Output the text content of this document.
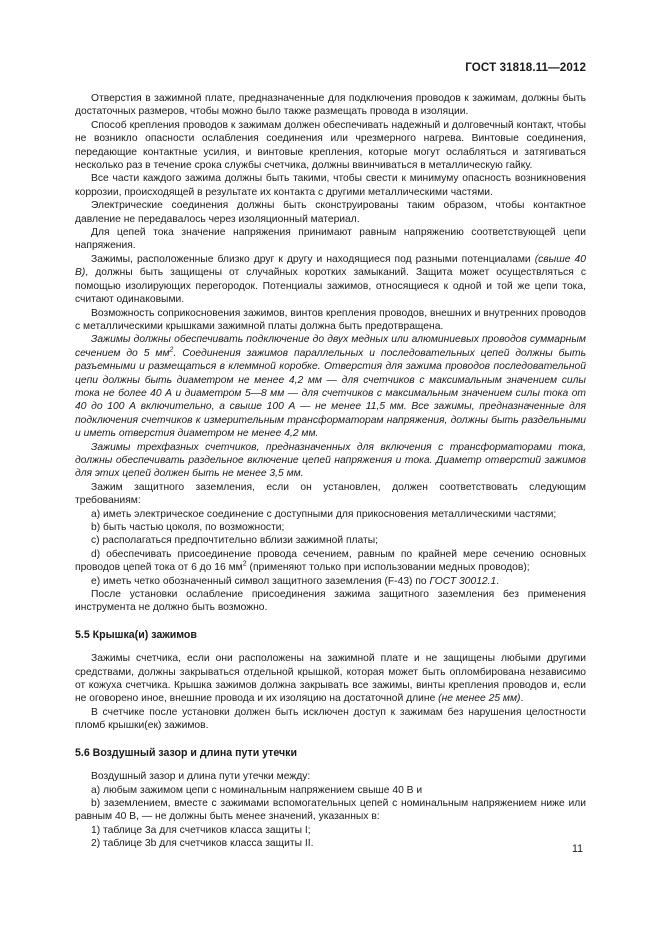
ГОСТ 31818.11—2012

Отверстия в зажимной плате, предназначенные для подключения проводов к зажимам, должны быть достаточных размеров, чтобы можно было также размещать провода в изоляции.

Способ крепления проводов к зажимам должен обеспечивать надежный и долговечный контакт, чтобы не возникло опасности ослабления соединения или чрезмерного нагрева. Винтовые соединения, передающие контактные усилия, и винтовые крепления, которые могут ослабляться и затягиваться несколько раз в течение срока службы счетчика, должны ввинчиваться в металлическую гайку.

Все части каждого зажима должны быть такими, чтобы свести к минимуму опасность возникновения коррозии, происходящей в результате их контакта с другими металлическими частями.

Электрические соединения должны быть сконструированы таким образом, чтобы контактное давление не передавалось через изоляционный материал.

Для цепей тока значение напряжения принимают равным напряжению соответствующей цепи напряжения.

Зажимы, расположенные близко друг к другу и находящиеся под разными потенциалами (свыше 40 В), должны быть защищены от случайных коротких замыканий. Защита может осуществляться с помощью изолирующих перегородок. Потенциалы зажимов, относящиеся к одной и той же цепи тока, считают одинаковыми.

Возможность соприкосновения зажимов, винтов крепления проводов, внешних и внутренних проводов с металлическими крышками зажимной платы должна быть предотвращена.

Зажимы должны обеспечивать подключение до двух медных или алюминиевых проводов суммарным сечением до 5 $мм^2$. Соединения зажимов параллельных и последовательных цепей должны быть разъемными и размещаться в клеммной коробке. Отверстия для зажима проводов последовательной цепи должны быть диаметром не менее 4,2 мм — для счетчиков с максимальным значением силы тока не более 40 А и диаметром 5—8 мм — для счетчиков с максимальным значением силы тока от 40 до 100 А включительно, а свыше 100 А — не менее 11,5 мм. Все зажимы, предназначенные для подключения счетчиков к измерительным трансформаторам напряжения, должны быть раздельными и иметь отверстия диаметром не менее 4,2 мм.

Зажимы трехфазных счетчиков, предназначенных для включения с трансформаторами тока, должны обеспечивать раздельное включение цепей напряжения и тока. Диаметр отверстий зажимов для этих цепей должен быть не менее 3,5 мм.

Зажим защитного заземления, если он установлен, должен соответствовать следующим требованиям:

а) иметь электрическое соединение с доступными для прикосновения металлическими частями;

b) быть частью цоколя, по возможности;

c) располагаться предпочтительно вблизи зажимной платы;

d) обеспечивать присоединение провода сечением, равным по крайней мере сечению основных проводов цепей тока от 6 до 16 $мм^2$ (применяют только при использовании медных проводов);

е) иметь четко обозначенный символ защитного заземления (F-43) по ГОСТ 30012.1.

После установки ослабление присоединения зажима защитного заземления без применения инструмента не должно быть возможно.

5.5 Крышка(и) зажимов

Зажимы счетчика, если они расположены на зажимной плате и не защищены любыми другими средствами, должны закрываться отдельной крышкой, которая может быть опломбирована независимо от кожуха счетчика. Крышка зажимов должна закрывать все зажимы, винты крепления проводов и, если не оговорено иное, внешние провода и их изоляцию на достаточной длине (не менее 25 мм).

В счетчике после установки должен быть исключен доступ к зажимам без нарушения целостности пломб крышки(ек) зажимов.

5.6 Воздушный зазор и длина пути утечки

Воздушный зазор и длина пути утечки между:

а) любым зажимом цепи с номинальным напряжением свыше 40 В и

b) заземлением, вместе с зажимами вспомогательных цепей с номинальным напряжением ниже или равным 40 В, — не должны быть менее значений, указанных в:

1) таблице 3а для счетчиков класса защиты I;

2) таблице 3b для счетчиков класса защиты II.	11
